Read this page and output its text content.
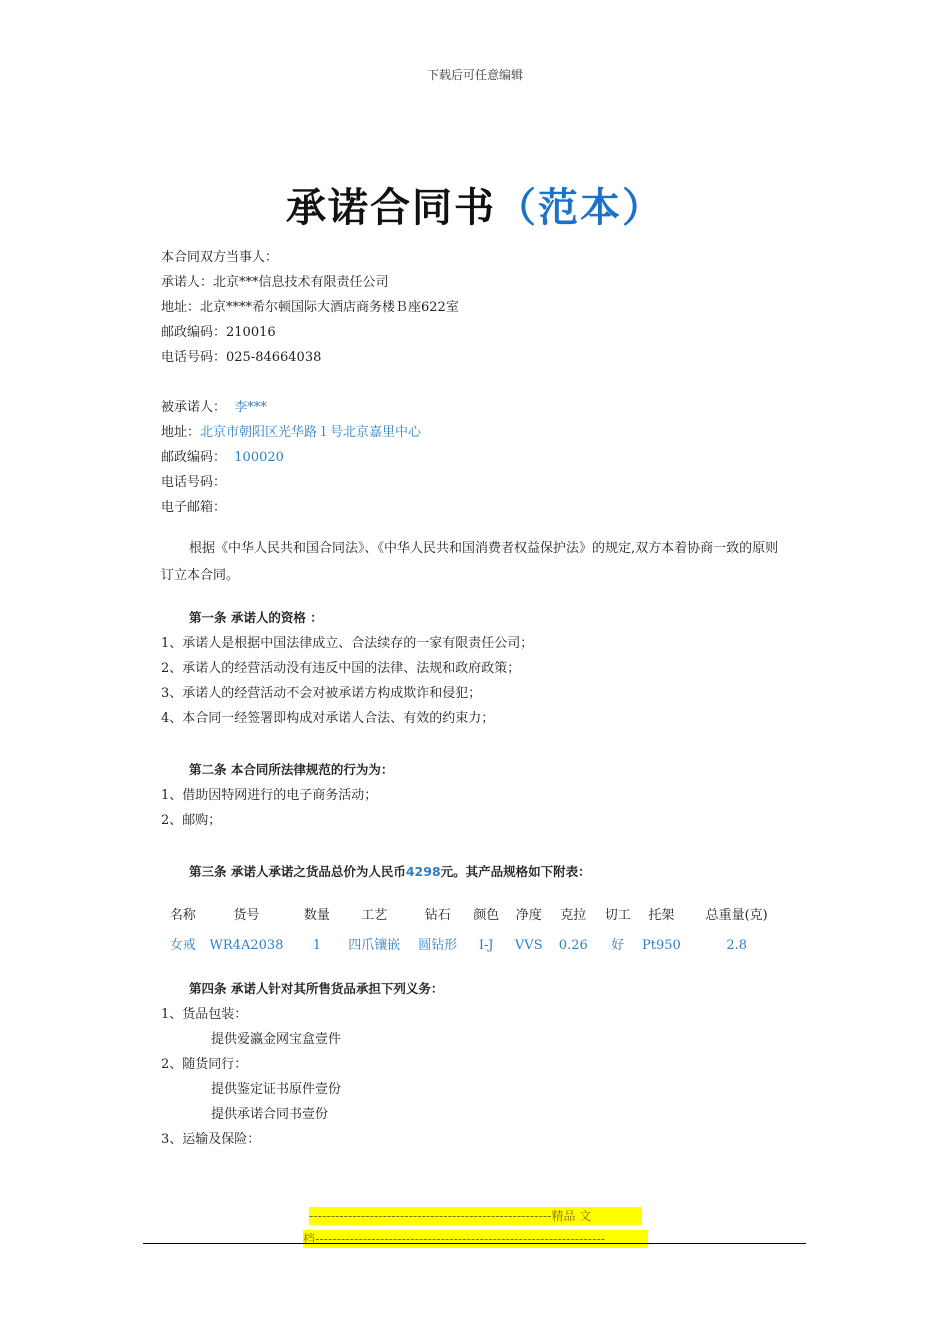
下载后可任意编辑
承诺合同书（范本）
本合同双方当事人：
承诺人：北京***信息技术有限责任公司
地址：北京****希尔顿国际大酒店商务楼Ｂ座622室
邮政编码：210016
电话号码：025-84664038
被承诺人： 李***
地址：北京市朝阳区光华路１号北京嘉里中心
邮政编码： 100020
电话号码：
电子邮箱：
根据《中华人民共和国合同法》、《中华人民共和国消费者权益保护法》的规定,双方本着协商一致的原则订立本合同。
第一条 承诺人的资格 ：
1、承诺人是根据中国法律成立、合法续存的一家有限责任公司；
2、承诺人的经营活动没有违反中国的法律、法规和政府政策；
3、承诺人的经营活动不会对被承诺方构成欺诈和侵犯；
4、本合同一经签署即构成对承诺人合法、有效的约束力；
第二条 本合同所法律规范的行为为：
1、借助因特网进行的电子商务活动；
2、邮购；
第三条 承诺人承诺之货品总价为人民币4298元。其产品规格如下附表：
名称	货号	数量	工艺	钻石	颜色	净度	克拉	切工	托架	总重量(克)
女戒	WR4A2038	1	四爪镶嵌	圆钻形	I-J	VVS	0.26	好	Pt950	2.8
第四条 承诺人针对其所售货品承担下列义务：
1、货品包装：
提供爱瀛金网宝盒壹件
2、随货同行：
提供鉴定证书原件壹份
提供承诺合同书壹份
3、运输及保险：
--------------------------------------------------------精品 文
档-------------------------------------------------------------------
